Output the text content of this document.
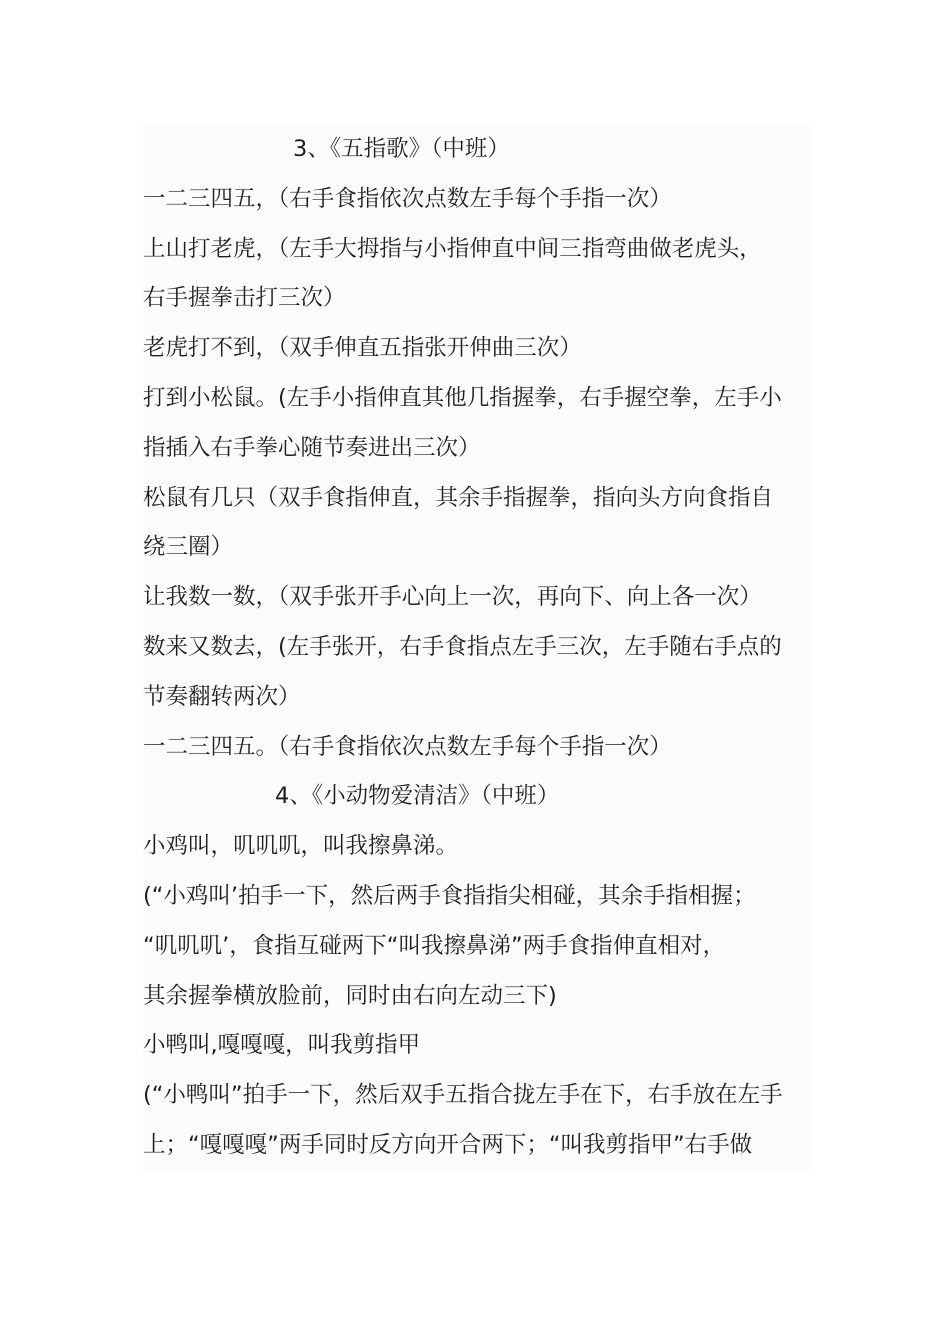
3、《五指歌》（中班）
一二三四五，（右手食指依次点数左手每个手指一次）
上山打老虎，（左手大拇指与小指伸直中间三指弯曲做老虎头，
右手握拳击打三次）
老虎打不到，（双手伸直五指张开伸曲三次）
打到小松鼠。(左手小指伸直其他几指握拳，右手握空拳，左手小
指插入右手拳心随节奏进出三次）
松鼠有几只（双手食指伸直，其余手指握拳，指向头方向食指自
绕三圈）
让我数一数，（双手张开手心向上一次，再向下、向上各一次）
数来又数去，(左手张开，右手食指点左手三次，左手随右手点的
节奏翻转两次）
一二三四五。（右手食指依次点数左手每个手指一次）
4、《小动物爱清洁》（中班）
小鸡叫，叽叽叽，叫我擦鼻涕。
(“小鸡叫’拍手一下，然后两手食指指尖相碰，其余手指相握；
“叽叽叽’，食指互碰两下“叫我擦鼻涕”两手食指伸直相对，
其余握拳横放脸前，同时由右向左动三下)
小鸭叫,嘎嘎嘎，叫我剪指甲
(“小鸭叫”拍手一下，然后双手五指合拢左手在下，右手放在左手
上；“嘎嘎嘎”两手同时反方向开合两下；“叫我剪指甲”右手做
